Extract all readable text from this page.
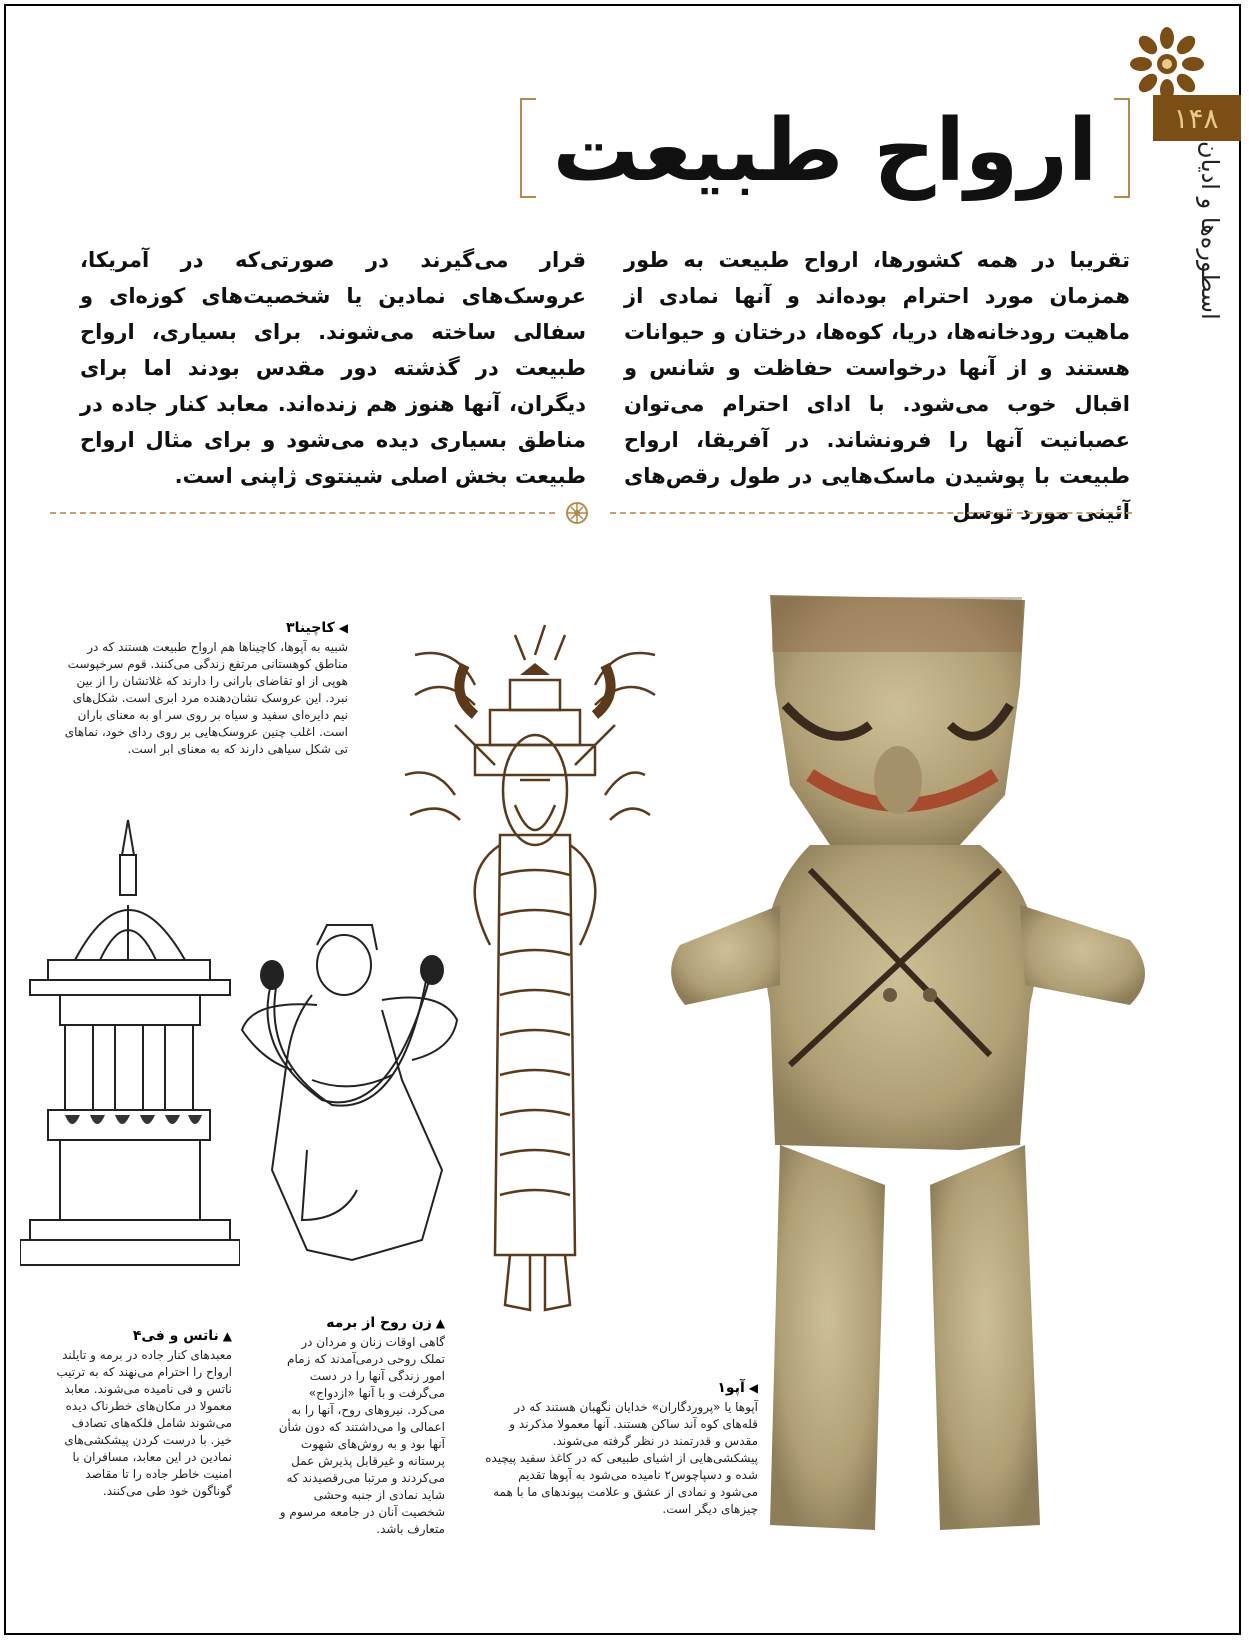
۱۴۸
اسطوره‌ها و ادیان
ارواح طبیعت
تقریبا در همه کشورها، ارواح طبیعت به طور همزمان مورد احترام بوده‌اند و آنها نمادی از ماهیت رودخانه‌ها، دریا، کوه‌ها، درختان و حیوانات هستند و از آنها درخواست حفاظت و شانس و اقبال خوب می‌شود. با ادای احترام می‌توان عصبانیت آنها را فرونشاند. در آفریقا، ارواح طبیعت با پوشیدن ماسک‌هایی در طول رقص‌های آئینی مورد توسل
قرار می‌گیرند در صورتی‌که در آمریکا، عروسک‌های نمادین یا شخصیت‌های کوزه‌ای و سفالی ساخته می‌شوند. برای بسیاری، ارواح طبیعت در گذشته دور مقدس بودند اما برای دیگران، آنها هنوز هم زنده‌اند. معابد کنار جاده در مناطق بسیاری دیده می‌شود و برای مثال ارواح طبیعت بخش اصلی شینتوی ژاپنی است.
◀کاچینا۳
شبیه به آپوها، کاچیناها هم ارواح طبیعت هستند که در مناطق کوهستانی مرتفع زندگی می‌کنند. قوم سرخپوست هوپی از او تقاضای بارانی را دارند که غلاتشان را از بین نبرد. این عروسک نشان‌دهنده مرد ابری است. شکل‌های نیم دایره‌ای سفید و سیاه بر روی سر او به معنای باران است. اغلب چنین عروسک‌هایی بر روی ردای خود، نماهای تی شکل سیاهی دارند که به معنای ابر است.
◀آپو۱
آپوها یا «پروردگاران» خدایان نگهبان هستند که در قله‌های کوه آند ساکن هستند. آنها معمولا مذکرند و مقدس و قدرتمند در نظر گرفته می‌شوند. پیشکشی‌هایی از اشیای طبیعی که در کاغذ سفید پیچیده شده و دسپاچوس۲ نامیده می‌شود به آپوها تقدیم می‌شود و نمادی از عشق و علامت پیوندهای ما با همه چیزهای دیگر است.
▲زن روح از برمه
گاهی اوقات زنان و مردان در تملک روحی درمی‌آمدند که زمام امور زندگی آنها را در دست می‌گرفت و با آنها «ازدواج» می‌کرد. نیروهای روح، آنها را به اعمالی وا می‌داشتند که دون شأن آنها بود و به روش‌های شهوت پرستانه و غیرقابل پذیرش عمل می‌کردند و مرتبا می‌رقصیدند که شاید نمادی از جنبه وحشی شخصیت آنان در جامعه مرسوم و متعارف باشد.
▲ناتس و فی۴
معبدهای کنار جاده در برمه و تایلند ارواح را احترام می‌نهند که به ترتیب ناتس و فی نامیده می‌شوند. معابد معمولا در مکان‌های خطرناک دیده می‌شوند شامل فلکه‌های تصادف خیز. با درست کردن پیشکشی‌های نمادین در این معابد، مسافران با امنیت خاطر جاده را تا مقاصد گوناگون خود طی می‌کنند.
